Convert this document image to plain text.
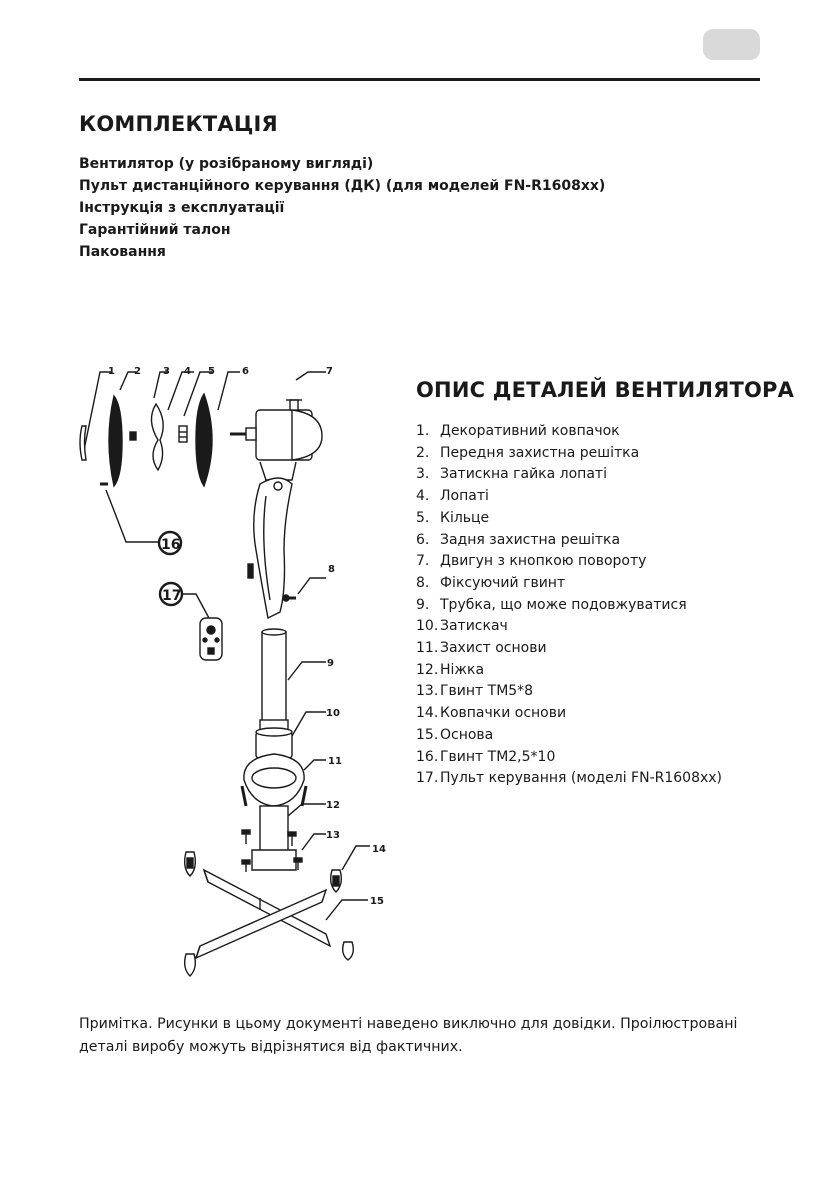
КОМПЛЕКТАЦІЯ
Вентилятор (у розібраному вигляді)
Пульт дистанційного керування (ДК) (для моделей FN-R1608xx)
Інструкція з експлуатації
Гарантійний талон
Паковання
1 2 3 4 5	6	7
8
9
10
11
12
13
14
15
16
17
ОПИС ДЕТАЛЕЙ ВЕНТИЛЯТОРА
1. Декоративний ковпачок
2. Передня захистна решітка
3. Затискна гайка лопаті
4. Лопаті
5. Кільце
6. Задня захистна решітка
7. Двигун з кнопкою повороту
8. Фіксуючий гвинт
9. Трубка, що може подовжуватися
10. Затискач
11. Захист основи
12. Ніжка
13. Гвинт TM5*8
14. Ковпачки основи
15. Основа
16. Гвинт TM2,5*10
17. Пульт керування (моделі FN-R1608xx)

Примітка. Рисунки в цьому документі наведено виключно для довідки. Проілюстровані деталі виробу можуть відрізнятися від фактичних.
